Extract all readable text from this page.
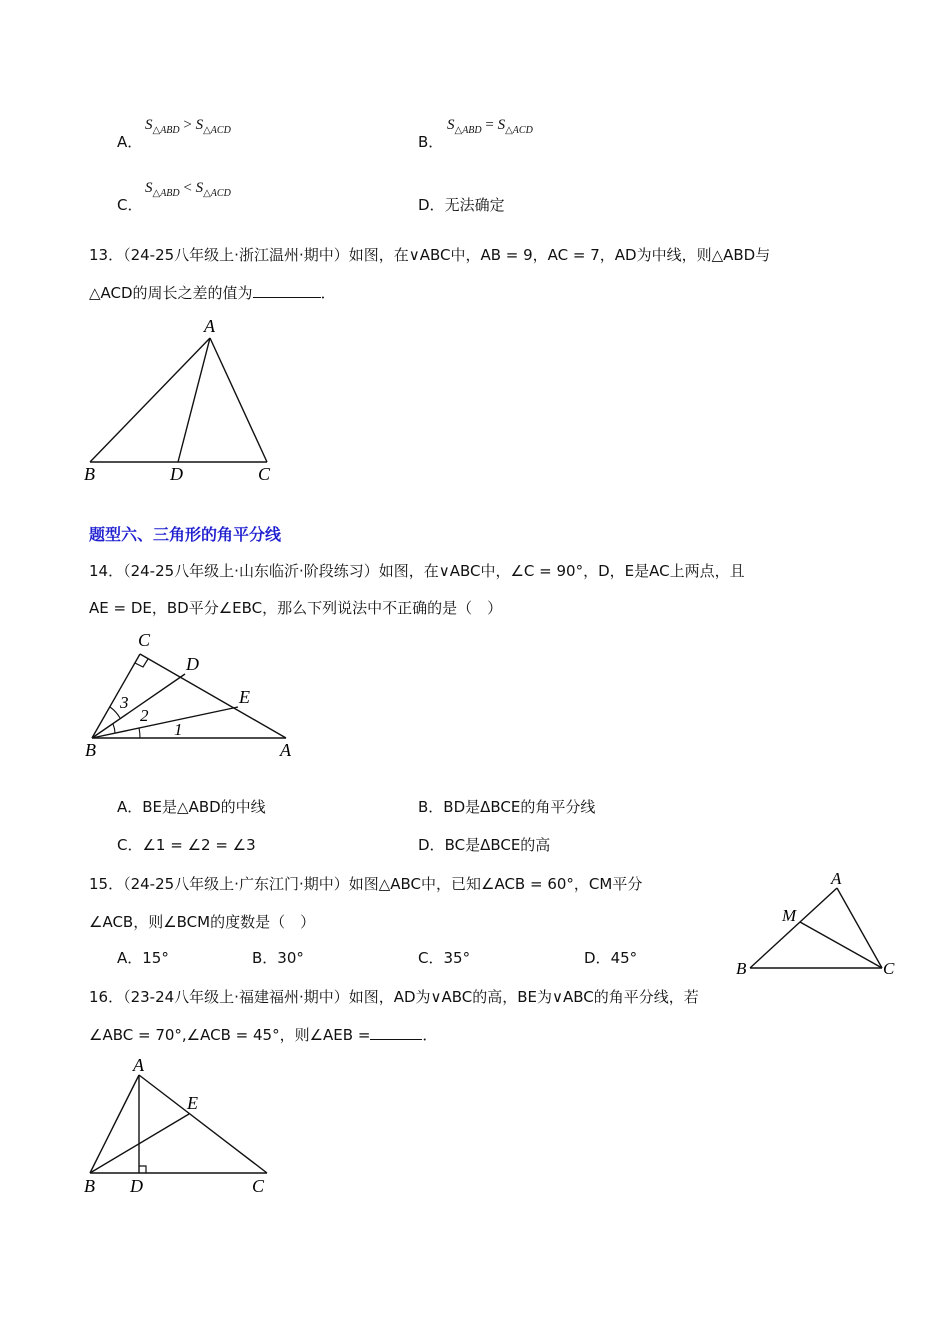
A．
$S_{\triangle ABD} > S_{\triangle ACD}$
B．
$S_{\triangle ABD} = S_{\triangle ACD}$
C．
$S_{\triangle ABD} < S_{\triangle ACD}$
D．无法确定
13．（24-25八年级上·浙江温州·期中）如图，在∨ABC中，AB = 9，AC = 7，AD为中线，则△ABD与
△ACD的周长之差的值为	．
A
B	D	C
题型六、三角形的角平分线
14．（24-25八年级上·山东临沂·阶段练习）如图，在∨ABC中，∠C = 90°，D，E是AC上两点，且
AE = DE，BD平分∠EBC，那么下列说法中不正确的是（　）
C
D
E
B	A
3
2
1
A．BE是△ABD的中线	B．BD是ΔBCE的角平分线
C．∠1 = ∠2 = ∠3	D．BC是ΔBCE的高
15．（24-25八年级上·广东江门·期中）如图△ABC中，已知∠ACB = 60°，CM平分
∠ACB，则∠BCM的度数是（　）
A．15°	B．30°	C．35°	D．45°
A
M
B	C
16．（23-24八年级上·福建福州·期中）如图，AD为∨ABC的高，BE为∨ABC的角平分线，若
∠ABC = 70°,∠ACB = 45°，则∠AEB =	．
A
E
B D	C
